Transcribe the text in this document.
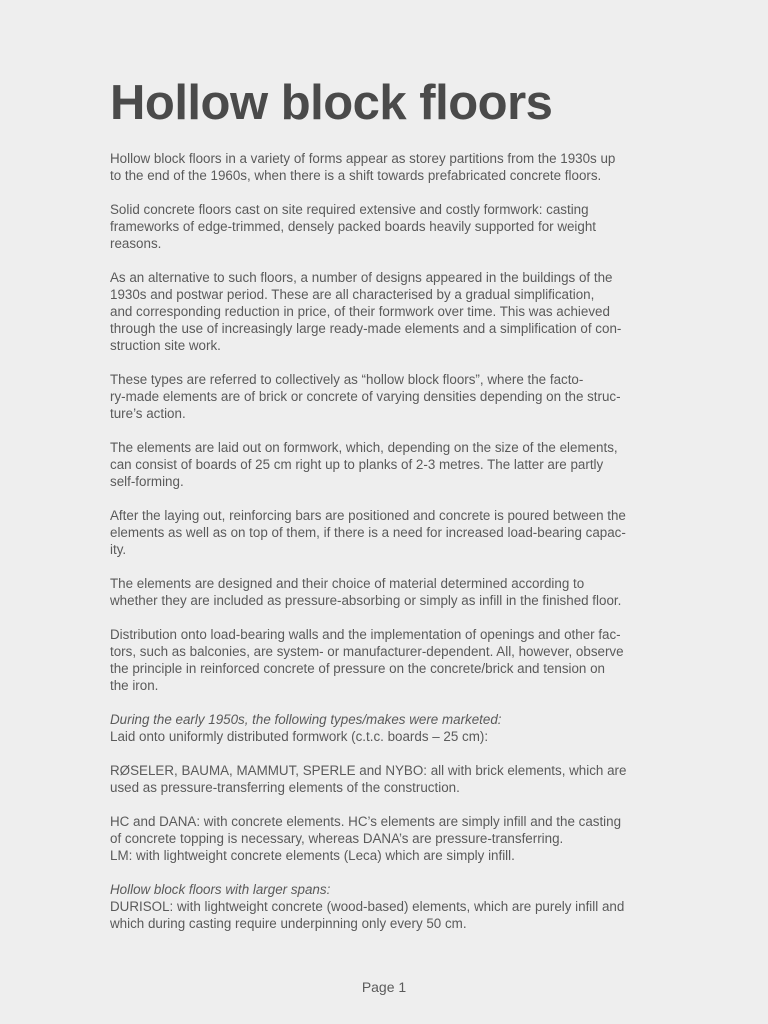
Hollow block floors
Hollow block floors in a variety of forms appear as storey partitions from the 1930s up
to the end of the 1960s, when there is a shift towards prefabricated concrete floors.
Solid concrete floors cast on site required extensive and costly formwork: casting
frameworks of edge-trimmed, densely packed boards heavily supported for weight
reasons.
As an alternative to such floors, a number of designs appeared in the buildings of the
1930s and postwar period. These are all characterised by a gradual simplification,
and corresponding reduction in price, of their formwork over time. This was achieved
through the use of increasingly large ready-made elements and a simplification of con-
struction site work.
These types are referred to collectively as “hollow block floors”, where the facto-
ry-made elements are of brick or concrete of varying densities depending on the struc-
ture’s action.
The elements are laid out on formwork, which, depending on the size of the elements,
can consist of boards of 25 cm right up to planks of 2-3 metres. The latter are partly
self-forming.
After the laying out, reinforcing bars are positioned and concrete is poured between the
elements as well as on top of them, if there is a need for increased load-bearing capac-
ity.
The elements are designed and their choice of material determined according to
whether they are included as pressure-absorbing or simply as infill in the finished floor.
Distribution onto load-bearing walls and the implementation of openings and other fac-
tors, such as balconies, are system- or manufacturer-dependent. All, however, observe
the principle in reinforced concrete of pressure on the concrete/brick and tension on
the iron.
During the early 1950s, the following types/makes were marketed:
Laid onto uniformly distributed formwork (c.t.c. boards – 25 cm):
RØSELER, BAUMA, MAMMUT, SPERLE and NYBO: all with brick elements, which are
used as pressure-transferring elements of the construction.
HC and DANA: with concrete elements. HC’s elements are simply infill and the casting
of concrete topping is necessary, whereas DANA’s are pressure-transferring.
LM: with lightweight concrete elements (Leca) which are simply infill.
Hollow block floors with larger spans:
DURISOL: with lightweight concrete (wood-based) elements, which are purely infill and
which during casting require underpinning only every 50 cm.
Page 1
